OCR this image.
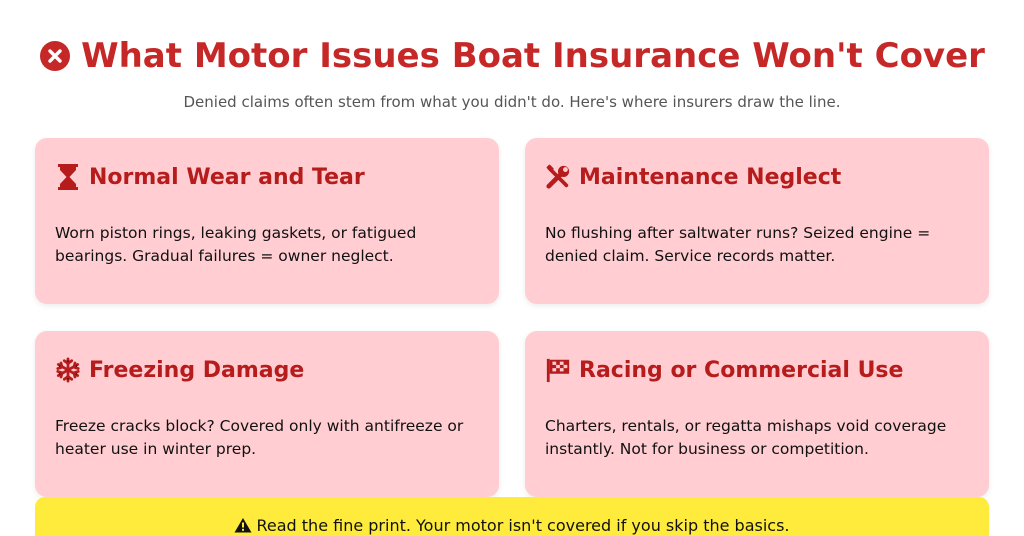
What Motor Issues Boat Insurance Won't Cover
Denied claims often stem from what you didn't do. Here's where insurers draw the line.
Normal Wear and Tear

Worn piston rings, leaking gaskets, or fatigued bearings. Gradual failures = owner neglect.

Maintenance Neglect

No flushing after saltwater runs? Seized engine = denied claim. Service records matter.

Freezing Damage

Freeze cracks block? Covered only with antifreeze or heater use in winter prep.

Racing or Commercial Use

Charters, rentals, or regatta mishaps void coverage instantly. Not for business or competition.

Read the fine print. Your motor isn't covered if you skip the basics.
